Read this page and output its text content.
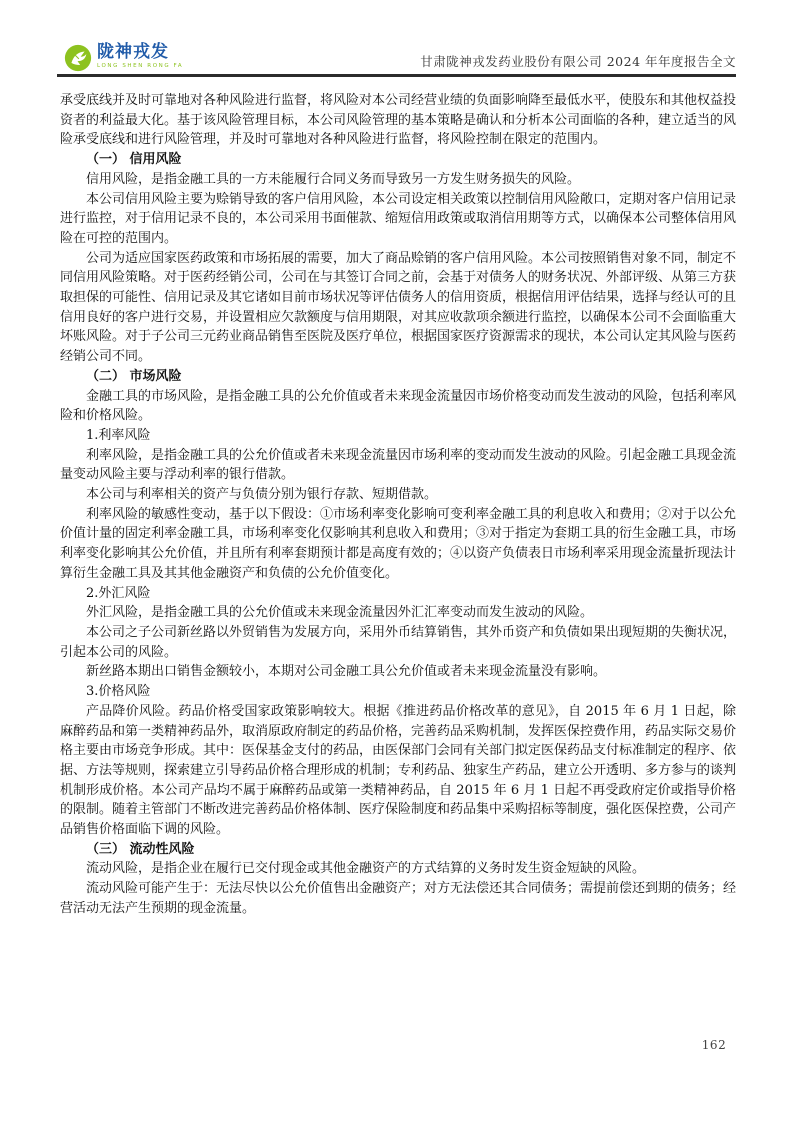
陇神戎发
LONG SHEN RONG FA	甘肃陇神戎发药业股份有限公司 2024 年年度报告全文

承受底线并及时可靠地对各种风险进行监督，将风险对本公司经营业绩的负面影响降至最低水平，使股东和其他权益投资者的利益最大化。基于该风险管理目标，本公司风险管理的基本策略是确认和分析本公司面临的各种，建立适当的风险承受底线和进行风险管理，并及时可靠地对各种风险进行监督，将风险控制在限定的范围内。

（一） 信用风险

信用风险，是指金融工具的一方未能履行合同义务而导致另一方发生财务损失的风险。

本公司信用风险主要为赊销导致的客户信用风险，本公司设定相关政策以控制信用风险敞口，定期对客户信用记录进行监控，对于信用记录不良的，本公司采用书面催款、缩短信用政策或取消信用期等方式，以确保本公司整体信用风险在可控的范围内。

公司为适应国家医药政策和市场拓展的需要，加大了商品赊销的客户信用风险。本公司按照销售对象不同，制定不同信用风险策略。对于医药经销公司，公司在与其签订合同之前，会基于对债务人的财务状况、外部评级、从第三方获取担保的可能性、信用记录及其它诸如目前市场状况等评估债务人的信用资质，根据信用评估结果，选择与经认可的且信用良好的客户进行交易，并设置相应欠款额度与信用期限，对其应收款项余额进行监控，以确保本公司不会面临重大坏账风险。对于子公司三元药业商品销售至医院及医疗单位，根据国家医疗资源需求的现状，本公司认定其风险与医药经销公司不同。

（二） 市场风险

金融工具的市场风险，是指金融工具的公允价值或者未来现金流量因市场价格变动而发生波动的风险，包括利率风险和价格风险。

1.利率风险

利率风险，是指金融工具的公允价值或者未来现金流量因市场利率的变动而发生波动的风险。引起金融工具现金流量变动风险主要与浮动利率的银行借款。

本公司与利率相关的资产与负债分别为银行存款、短期借款。

利率风险的敏感性变动，基于以下假设：①市场利率变化影响可变利率金融工具的利息收入和费用；②对于以公允价值计量的固定利率金融工具，市场利率变化仅影响其利息收入和费用；③对于指定为套期工具的衍生金融工具，市场利率变化影响其公允价值，并且所有利率套期预计都是高度有效的；④以资产负债表日市场利率采用现金流量折现法计算衍生金融工具及其其他金融资产和负债的公允价值变化。

2.外汇风险

外汇风险，是指金融工具的公允价值或未来现金流量因外汇汇率变动而发生波动的风险。

本公司之子公司新丝路以外贸销售为发展方向，采用外币结算销售，其外币资产和负债如果出现短期的失衡状况，引起本公司的风险。

新丝路本期出口销售金额较小，本期对公司金融工具公允价值或者未来现金流量没有影响。

3.价格风险

产品降价风险。药品价格受国家政策影响较大。根据《推进药品价格改革的意见》，自 2015 年 6 月 1 日起，除麻醉药品和第一类精神药品外，取消原政府制定的药品价格，完善药品采购机制，发挥医保控费作用，药品实际交易价格主要由市场竞争形成。其中：医保基金支付的药品，由医保部门会同有关部门拟定医保药品支付标准制定的程序、依据、方法等规则，探索建立引导药品价格合理形成的机制；专利药品、独家生产药品，建立公开透明、多方参与的谈判机制形成价格。本公司产品均不属于麻醉药品或第一类精神药品，自 2015 年 6 月 1 日起不再受政府定价或指导价格的限制。随着主管部门不断改进完善药品价格体制、医疗保险制度和药品集中采购招标等制度，强化医保控费，公司产品销售价格面临下调的风险。

（三） 流动性风险

流动风险，是指企业在履行已交付现金或其他金融资产的方式结算的义务时发生资金短缺的风险。

流动风险可能产生于：无法尽快以公允价值售出金融资产；对方无法偿还其合同债务；需提前偿还到期的债务；经营活动无法产生预期的现金流量。

162
